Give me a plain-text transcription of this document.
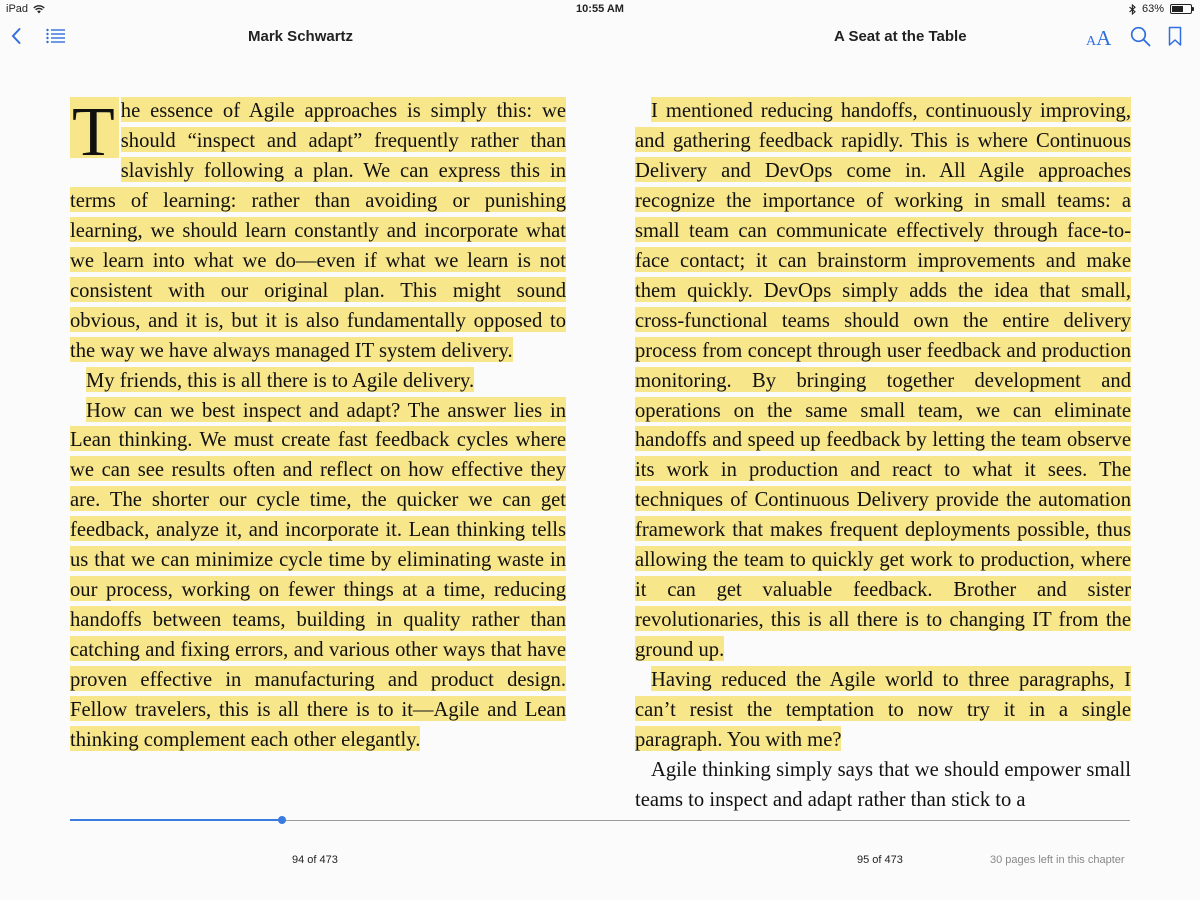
iPad	10:55 AM	63%
Mark Schwartz	A Seat at the Table	AA

T he essence of Agile approaches is simply this: we should “inspect and adapt” frequently rather than slavishly following a plan. We can express this in terms of learning: rather than avoiding or punishing learning, we should learn constantly and incorporate what we learn into what we do—even if what we learn is not consistent with our original plan. This might sound obvious, and it is, but it is also fundamentally opposed to the way we have always managed IT system delivery.

My friends, this is all there is to Agile delivery.

How can we best inspect and adapt? The answer lies in Lean thinking. We must create fast feedback cycles where we can see results often and reflect on how effective they are. The shorter our cycle time, the quicker we can get feedback, analyze it, and incorporate it. Lean thinking tells us that we can minimize cycle time by eliminating waste in our process, working on fewer things at a time, reducing handoffs between teams, building in quality rather than catching and fixing errors, and various other ways that have proven effective in manufacturing and product design. Fellow travelers, this is all there is to it—Agile and Lean thinking complement each other elegantly.

I mentioned reducing handoffs, continuously improving, and gathering feedback rapidly. This is where Continuous Delivery and DevOps come in. All Agile approaches recognize the importance of working in small teams: a small team can communicate effectively through face-to-face contact; it can brainstorm improvements and make them quickly. DevOps simply adds the idea that small, cross-functional teams should own the entire delivery process from concept through user feedback and production monitoring. By bringing together development and operations on the same small team, we can eliminate handoffs and speed up feedback by letting the team observe its work in production and react to what it sees. The techniques of Continuous Delivery provide the automation framework that makes frequent deployments possible, thus allowing the team to quickly get work to production, where it can get valuable feedback. Brother and sister revolutionaries, this is all there is to changing IT from the ground up.

Having reduced the Agile world to three paragraphs, I can’t resist the temptation to now try it in a single paragraph. You with me?

Agile thinking simply says that we should empower small teams to inspect and adapt rather than stick to a

94 of 473	95 of 473	30 pages left in this chapter
